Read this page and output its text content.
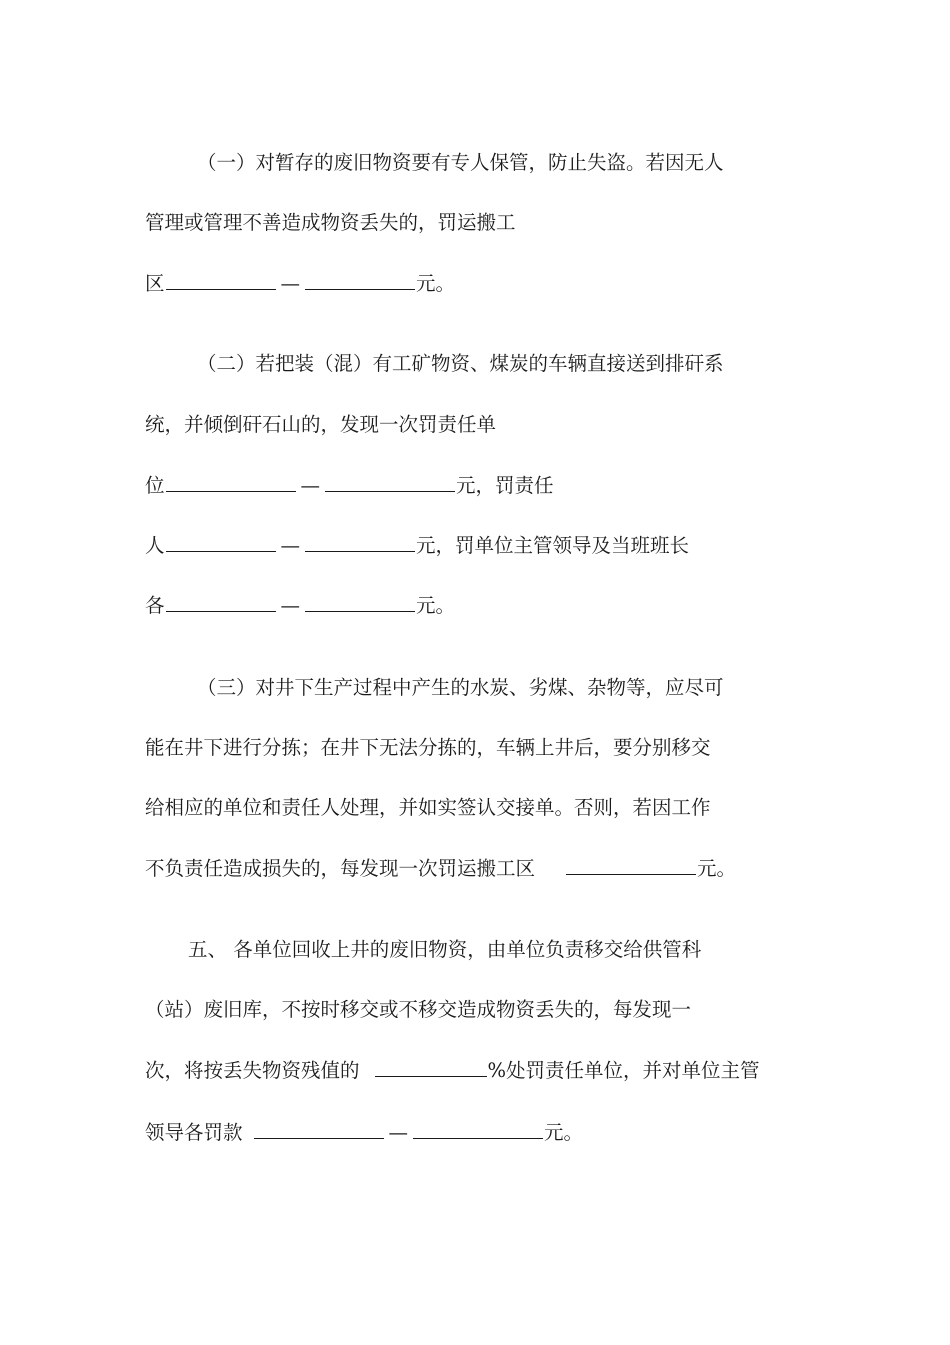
（一）对暂存的废旧物资要有专人保管，防止失盗。若因无人
管理或管理不善造成物资丢失的，罚运搬工
区	—	元。
（二）若把装（混）有工矿物资、煤炭的车辆直接送到排矸系
统，并倾倒矸石山的，发现一次罚责任单
位	—	元，罚责任
人	—	元，罚单位主管领导及当班班长
各	—	元。
（三）对井下生产过程中产生的水炭、劣煤、杂物等，应尽可
能在井下进行分拣；在井下无法分拣的，车辆上井后，要分别移交
给相应的单位和责任人处理，并如实签认交接单。否则，若因工作
不负责任造成损失的，每发现一次罚运搬工区	元。
五、 各单位回收上井的废旧物资，由单位负责移交给供管科
（站）废旧库，不按时移交或不移交造成物资丢失的，每发现一
次，将按丢失物资残值的	%处罚责任单位，并对单位主管
领导各罚款	—	元。
